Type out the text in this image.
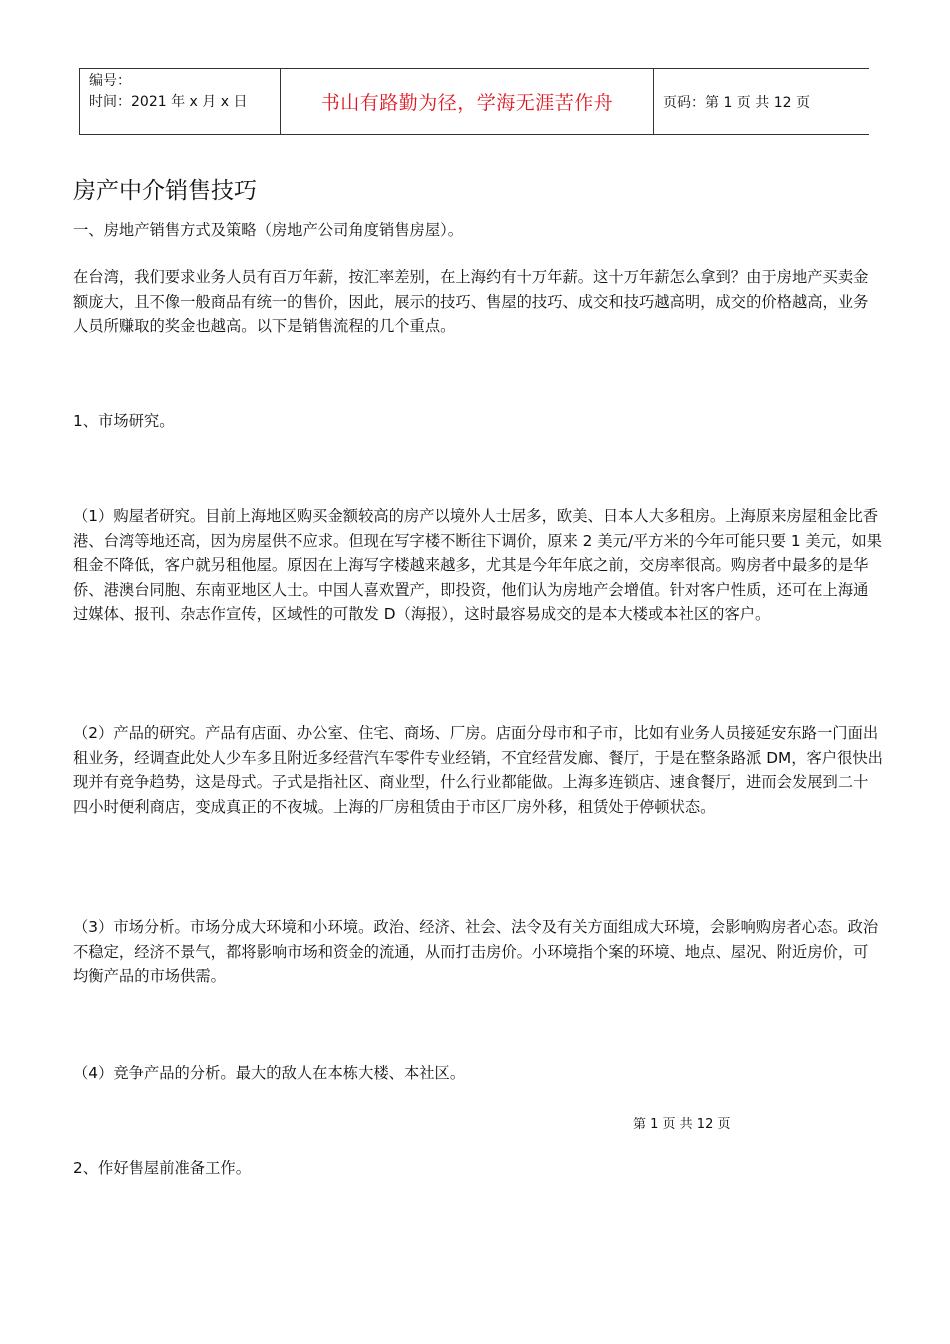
编号：
时间：2021 年 x 月 x 日	书山有路勤为径，学海无涯苦作舟	页码：第 1 页 共 12 页
房产中介销售技巧

一、房地产销售方式及策略（房地产公司角度销售房屋）。

在台湾，我们要求业务人员有百万年薪，按汇率差别，在上海约有十万年薪。这十万年薪怎么拿到？由于房地产买卖金额庞大，且不像一般商品有统一的售价，因此，展示的技巧、售屋的技巧、成交和技巧越高明，成交的价格越高，业务人员所赚取的奖金也越高。以下是销售流程的几个重点。

1、市场研究。

（1）购屋者研究。目前上海地区购买金额较高的房产以境外人士居多，欧美、日本人大多租房。上海原来房屋租金比香港、台湾等地还高，因为房屋供不应求。但现在写字楼不断往下调价，原来 2 美元/平方米的今年可能只要 1 美元，如果租金不降低，客户就另租他屋。原因在上海写字楼越来越多，尤其是今年年底之前，交房率很高。购房者中最多的是华侨、港澳台同胞、东南亚地区人士。中国人喜欢置产，即投资，他们认为房地产会增值。针对客户性质，还可在上海通过媒体、报刊、杂志作宣传，区域性的可散发 D（海报），这时最容易成交的是本大楼或本社区的客户。

（2）产品的研究。产品有店面、办公室、住宅、商场、厂房。店面分母市和子市，比如有业务人员接延安东路一门面出租业务，经调查此处人少车多且附近多经营汽车零件专业经销，不宜经营发廊、餐厅，于是在整条路派 DM，客户很快出现并有竞争趋势，这是母式。子式是指社区、商业型，什么行业都能做。上海多连锁店、速食餐厅，进而会发展到二十四小时便利商店，变成真正的不夜城。上海的厂房租赁由于市区厂房外移，租赁处于停顿状态。

（3）市场分析。市场分成大环境和小环境。政治、经济、社会、法令及有关方面组成大环境，会影响购房者心态。政治不稳定，经济不景气，都将影响市场和资金的流通，从而打击房价。小环境指个案的环境、地点、屋况、附近房价，可均衡产品的市场供需。

（4）竞争产品的分析。最大的敌人在本栋大楼、本社区。

第 1 页 共 12 页

2、作好售屋前准备工作。
